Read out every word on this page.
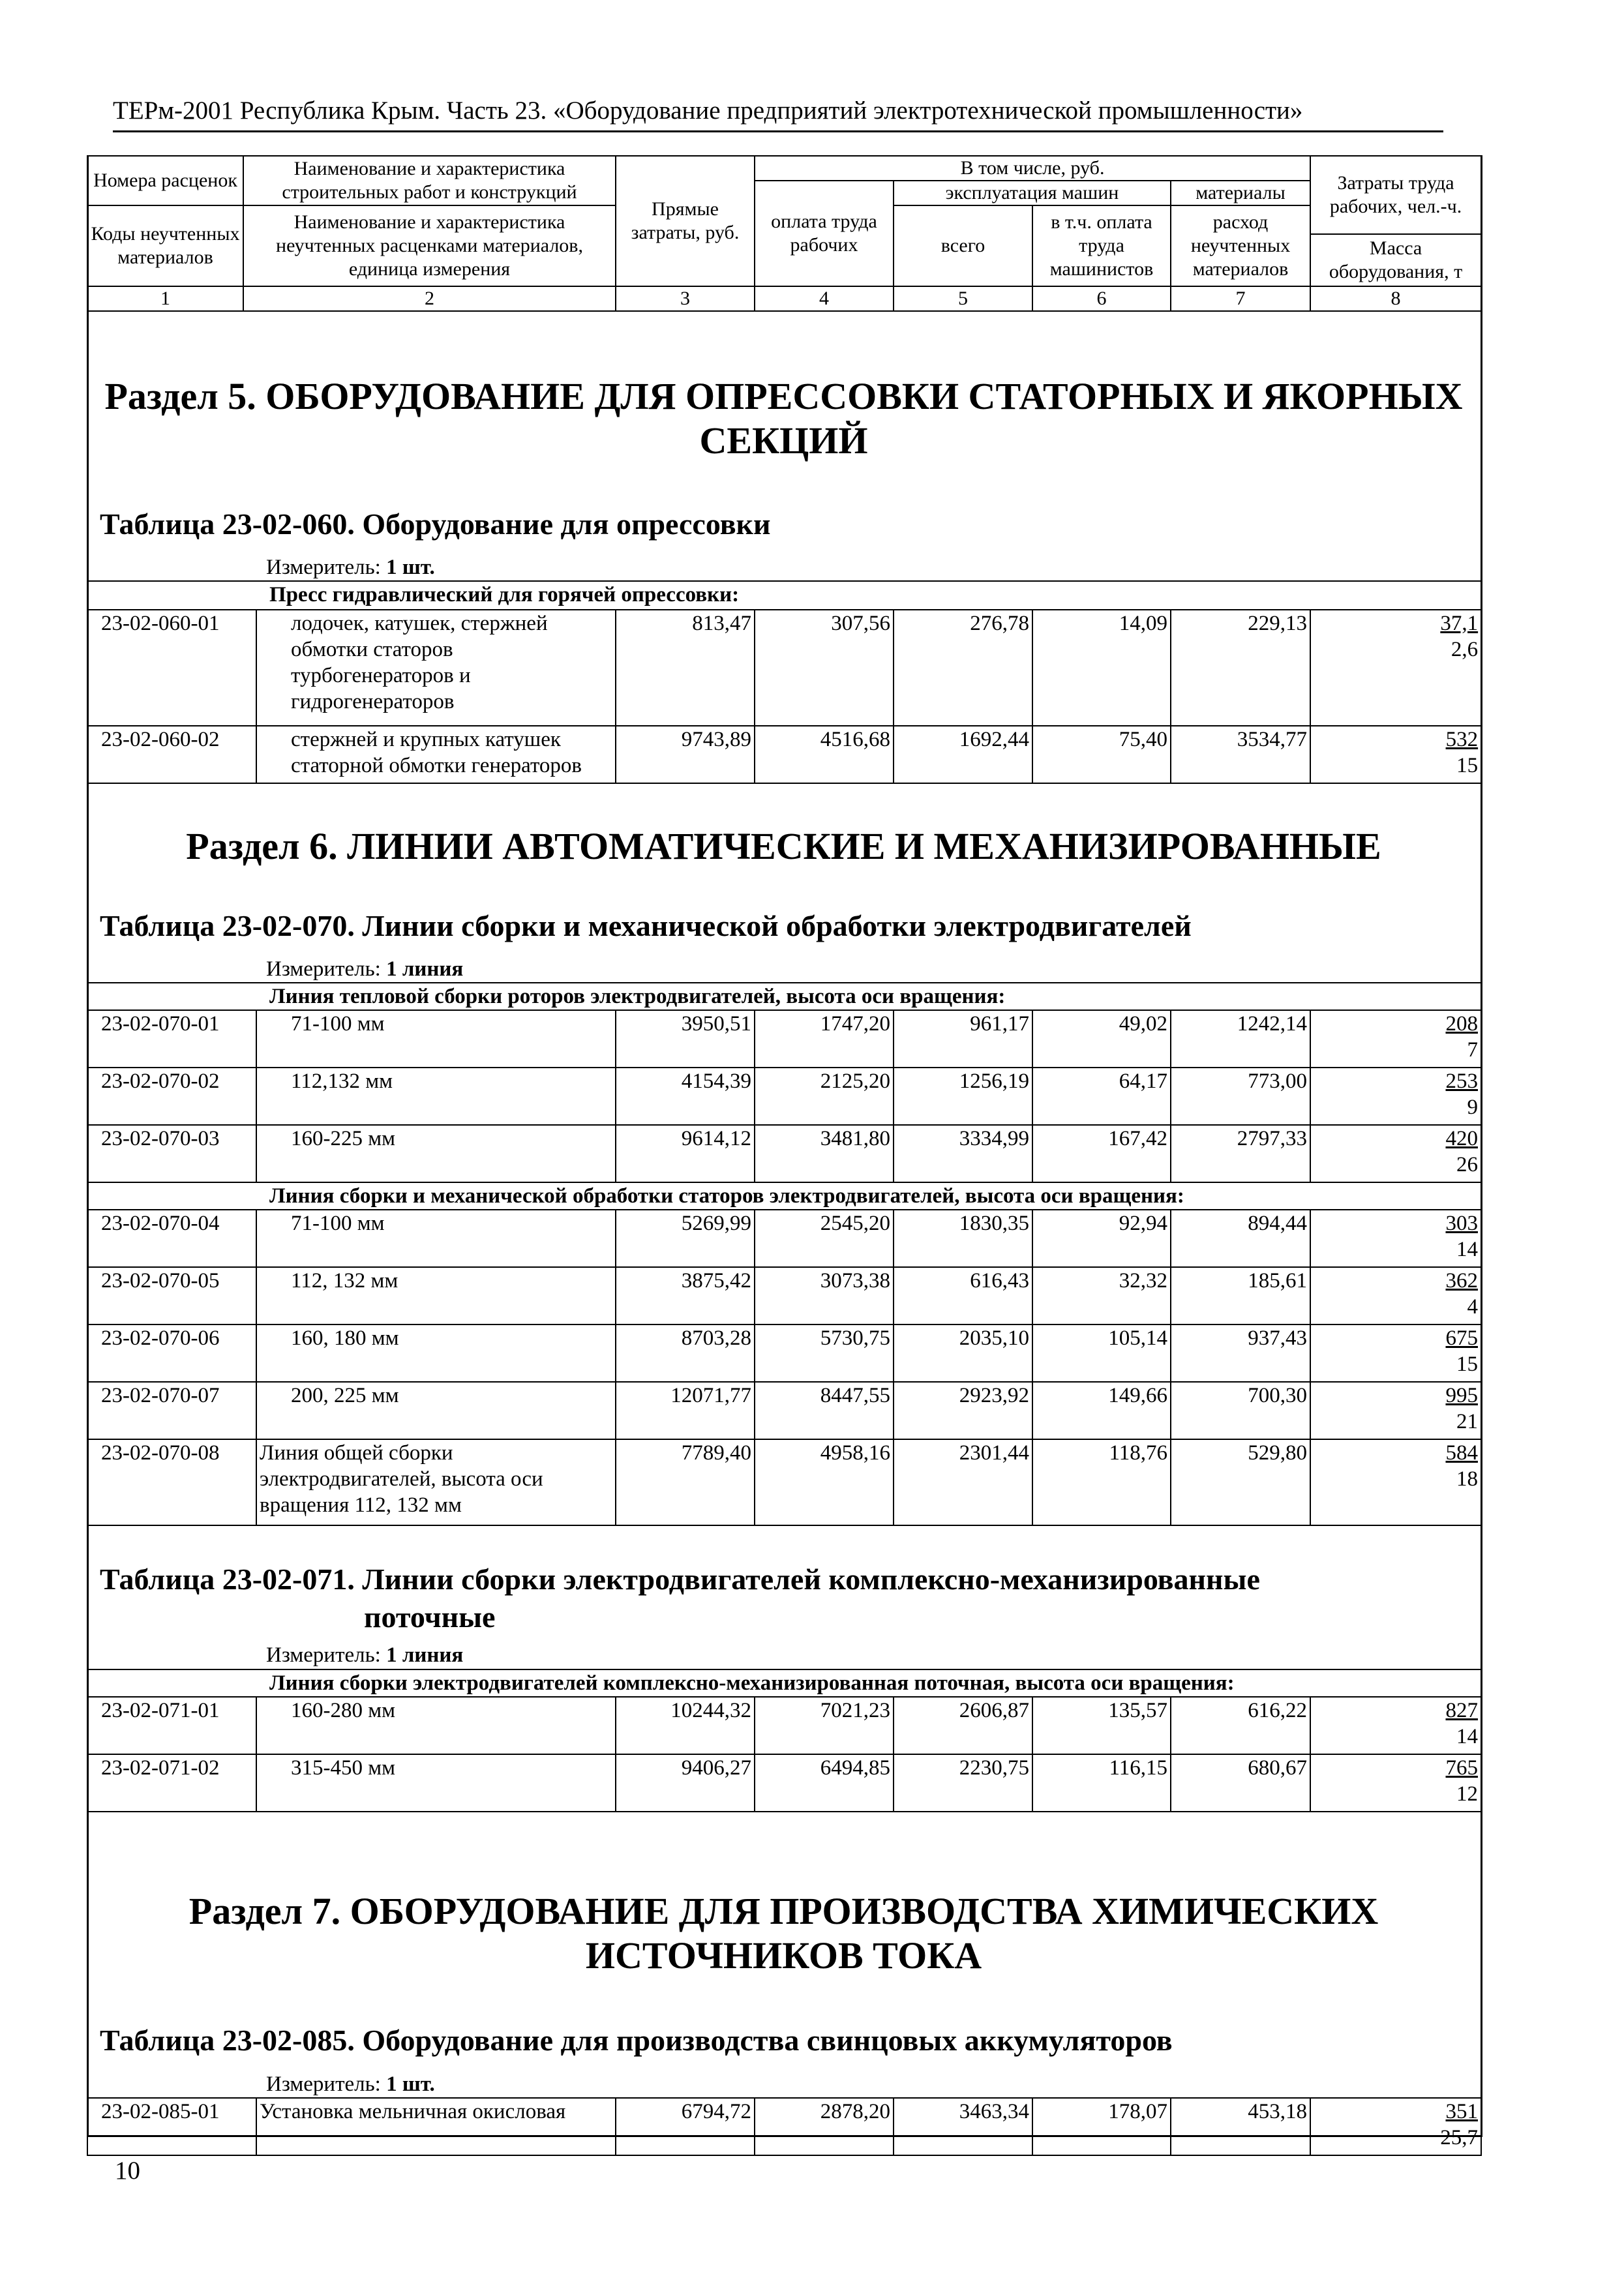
ТЕРм-2001 Республика Крым. Часть 23. «Оборудование предприятий электротехнической промышленности»
Номера расценок	Наименование и характеристика строительных работ и конструкций	Прямые затраты, руб.	В том числе, руб.				Затраты труда рабочих, чел.-ч.
			оплата труда рабочих	эксплуатация машин		материалы	
Коды неучтенных материалов	Наименование и характеристика неучтенных расценками материалов, единица измерения			всего	в т.ч. оплата труда машинистов	расход неучтенных материалов	
							Масса оборудования, т
1	2	3	4	5	6	7	8
Раздел 5. ОБОРУДОВАНИЕ ДЛЯ ОПРЕССОВКИ СТАТОРНЫХ И ЯКОРНЫХ СЕКЦИЙ
Таблица 23-02-060. Оборудование для опрессовки
Измеритель: 1 шт.
Пресс гидравлический для горячей опрессовки:							
23-02-060-01	лодочек, катушек, стержней обмотки статоров турбогенераторов и гидрогенераторов	813,47	307,56	276,78	14,09	229,13	37,1
2,6

23-02-060-02	стержней и крупных катушек статорной обмотки генераторов	9743,89	4516,68	1692,44	75,40	3534,77	532
15
Раздел 6. ЛИНИИ АВТОМАТИЧЕСКИЕ И МЕХАНИЗИРОВАННЫЕ
Таблица 23-02-070. Линии сборки и механической обработки электродвигателей
Измеритель: 1 линия
Линия тепловой сборки роторов электродвигателей, высота оси вращения:							
23-02-070-01	71-100 мм	3950,51	1747,20	961,17	49,02	1242,14	208
7

23-02-070-02	112,132 мм	4154,39	2125,20	1256,19	64,17	773,00	253
9

23-02-070-03	160-225 мм	9614,12	3481,80	3334,99	167,42	2797,33	420
26

Линия сборки и механической обработки статоров электродвигателей, высота оси вращения:							
23-02-070-04	71-100 мм	5269,99	2545,20	1830,35	92,94	894,44	303
14

23-02-070-05	112, 132 мм	3875,42	3073,38	616,43	32,32	185,61	362
4

23-02-070-06	160, 180 мм	8703,28	5730,75	2035,10	105,14	937,43	675
15

23-02-070-07	200, 225 мм	12071,77	8447,55	2923,92	149,66	700,30	995
21

23-02-070-08	Линия общей сборки электродвигателей, высота оси вращения 112, 132 мм	7789,40	4958,16	2301,44	118,76	529,80	584
18
Таблица 23-02-071. Линии сборки электродвигателей комплексно-механизированные
поточные
Измеритель: 1 линия
Линия сборки электродвигателей комплексно-механизированная поточная, высота оси вращения:							
23-02-071-01	160-280 мм	10244,32	7021,23	2606,87	135,57	616,22	827
14

23-02-071-02	315-450 мм	9406,27	6494,85	2230,75	116,15	680,67	765
12
Раздел 7. ОБОРУДОВАНИЕ ДЛЯ ПРОИЗВОДСТВА ХИМИЧЕСКИХ ИСТОЧНИКОВ ТОКА
Таблица 23-02-085. Оборудование для производства свинцовых аккумуляторов
Измеритель: 1 шт.
23-02-085-01	Установка мельничная окисловая	6794,72	2878,20	3463,34	178,07	453,18	351
25,7
10
